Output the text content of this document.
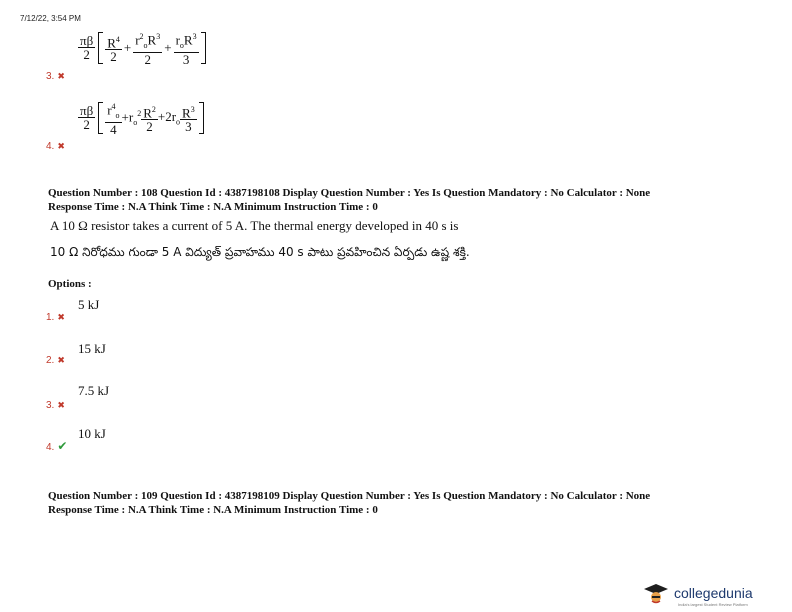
7/12/22, 3:54 PM
$\frac{\pi\beta}{2} \frac{R^4}{2} + \frac{r^2_oR^3}{2} + \frac{r_oR^3}{3}$
3. ✖
$\frac{\pi\beta}{2} \frac{r^4_o}{4} +r_o^2 \frac{R^2}{2} +2r_o \frac{R^3}{3}$
4. ✖
Question Number : 108 Question Id : 4387198108 Display Question Number : Yes Is Question Mandatory : No Calculator : None
Response Time : N.A Think Time : N.A Minimum Instruction Time : 0
A 10 Ω resistor takes a current of 5 A. The thermal energy developed in 40 s is
10 Ω నిరోధము గుండా 5 A విద్యుత్ ప్రవాహము 40 s పాటు ప్రవహించిన ఏర్పడు ఉష్ణ శక్తి.
Options :
1. ✖
5 kJ
2. ✖
15 kJ
3. ✖
7.5 kJ
4. ✔
10 kJ
Question Number : 109 Question Id : 4387198109 Display Question Number : Yes Is Question Mandatory : No Calculator : None
Response Time : N.A Think Time : N.A Minimum Instruction Time : 0
collegedunia
India's largest Student Review Platform
